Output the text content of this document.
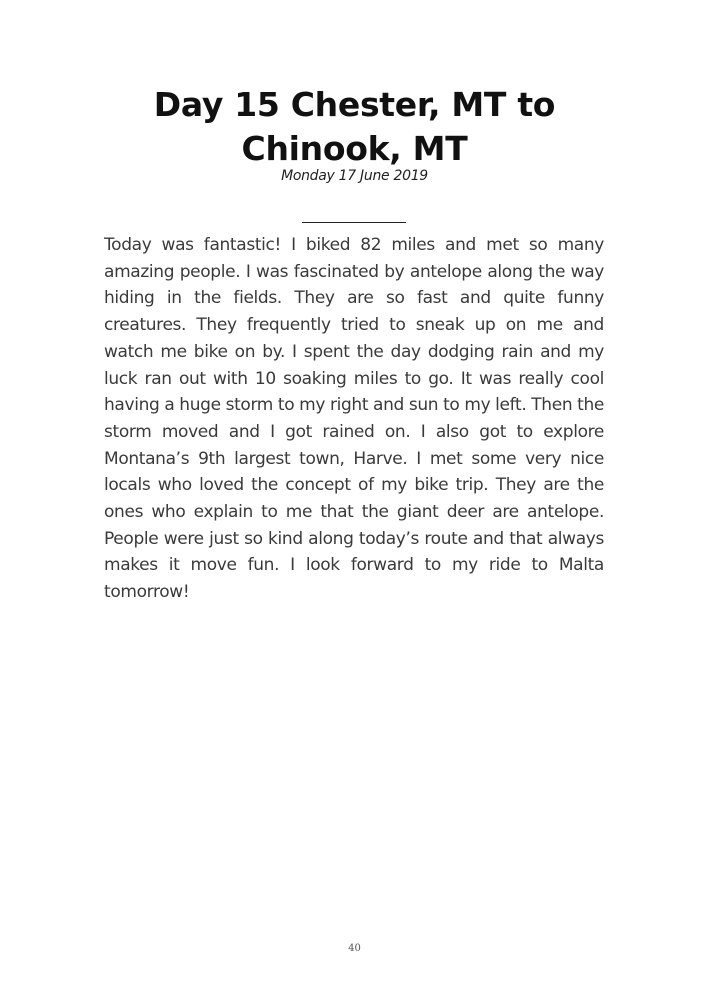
Day 15 Chester, MT to Chinook, MT
Monday 17 June 2019

Today was fantastic! I biked 82 miles and met so many amazing people. I was fascinated by antelope along the way hiding in the fields. They are so fast and quite funny creatures. They frequently tried to sneak up on me and watch me bike on by. I spent the day dodging rain and my luck ran out with 10 soaking miles to go. It was really cool having a huge storm to my right and sun to my left. Then the storm moved and I got rained on. I also got to explore Montana’s 9th largest town, Harve. I met some very nice locals who loved the concept of my bike trip. They are the ones who explain to me that the giant deer are antelope. People were just so kind along today’s route and that always makes it move fun. I look forward to my ride to Malta tomorrow!

40
